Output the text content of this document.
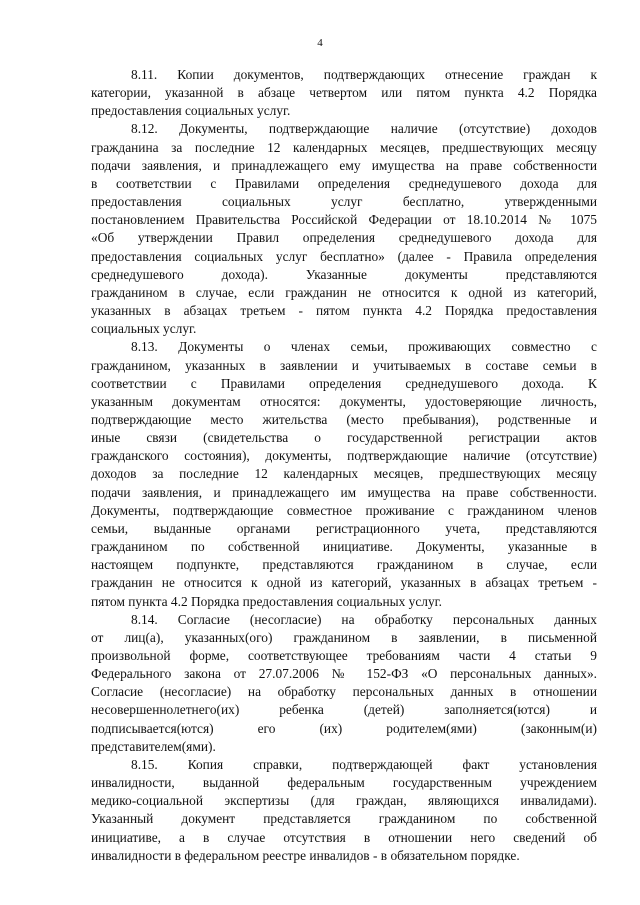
4
8.11. Копии документов, подтверждающих отнесение граждан к
категории, указанной в абзаце четвертом или пятом пункта 4.2 Порядка
предоставления социальных услуг.
8.12. Документы, подтверждающие наличие (отсутствие) доходов
гражданина за последние 12 календарных месяцев, предшествующих месяцу
подачи заявления, и принадлежащего ему имущества на праве собственности
в соответствии с Правилами определения среднедушевого дохода для
предоставления социальных услуг бесплатно, утвержденными
постановлением Правительства Российской Федерации от 18.10.2014 № 1075
«Об утверждении Правил определения среднедушевого дохода для
предоставления социальных услуг бесплатно» (далее - Правила определения
среднедушевого дохода). Указанные документы представляются
гражданином в случае, если гражданин не относится к одной из категорий,
указанных в абзацах третьем - пятом пункта 4.2 Порядка предоставления
социальных услуг.
8.13. Документы о членах семьи, проживающих совместно с
гражданином, указанных в заявлении и учитываемых в составе семьи в
соответствии с Правилами определения среднедушевого дохода. К
указанным документам относятся: документы, удостоверяющие личность,
подтверждающие место жительства (место пребывания), родственные и
иные связи (свидетельства о государственной регистрации актов
гражданского состояния), документы, подтверждающие наличие (отсутствие)
доходов за последние 12 календарных месяцев, предшествующих месяцу
подачи заявления, и принадлежащего им имущества на праве собственности.
Документы, подтверждающие совместное проживание с гражданином членов
семьи, выданные органами регистрационного учета, представляются
гражданином по собственной инициативе. Документы, указанные в
настоящем подпункте, представляются гражданином в случае, если
гражданин не относится к одной из категорий, указанных в абзацах третьем -
пятом пункта 4.2 Порядка предоставления социальных услуг.
8.14. Согласие (несогласие) на обработку персональных данных
от лиц(а), указанных(ого) гражданином в заявлении, в письменной
произвольной форме, соответствующее требованиям части 4 статьи 9
Федерального закона от 27.07.2006 № 152-ФЗ «О персональных данных».
Согласие (несогласие) на обработку персональных данных в отношении
несовершеннолетнего(их) ребенка (детей) заполняется(ются) и
подписывается(ются) его (их) родителем(ями) (законным(и)
представителем(ями).
8.15. Копия справки, подтверждающей факт установления
инвалидности, выданной федеральным государственным учреждением
медико-социальной экспертизы (для граждан, являющихся инвалидами).
Указанный документ представляется гражданином по собственной
инициативе, а в случае отсутствия в отношении него сведений об
инвалидности в федеральном реестре инвалидов - в обязательном порядке.
